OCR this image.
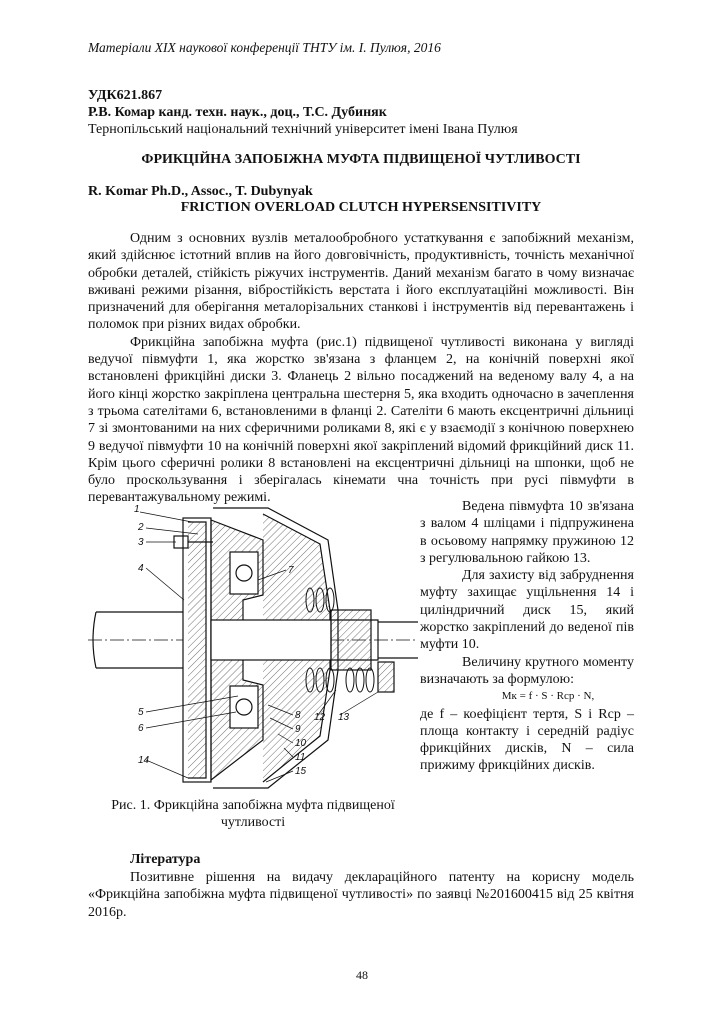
Матеріали XIX наукової конференції ТНТУ ім. І. Пулюя, 2016
УДК621.867
Р.В. Комар канд. техн. наук., доц., Т.С. Дубиняк
Тернопільський національний технічний університет імені Івана Пулюя
ФРИКЦІЙНА ЗАПОБІЖНА МУФТА ПІДВИЩЕНОЇ ЧУТЛИВОСТІ
R. Komar Ph.D., Assoc., T. Dubynyak
FRICTION OVERLOAD CLUTCH HYPERSENSITIVITY

Одним з основних вузлів металообробного устаткування є запобіжний механізм, який здійснює істотний вплив на його довговічність, продуктивність, точність механічної обробки деталей, стійкість ріжучих інструментів. Даний механізм багато в чому визначає вживані режими різання, віброcтійкість верстата і його експлуатаційні можливості. Він призначений для оберігання металорізальних станкові і інструментів від перевантажень і поломок при різних видах обробки.

Фрикційна запобіжна муфта (рис.1) підвищеної чутливості виконана у вигляді ведучої півмуфти 1, яка жорстко зв'язана з фланцем 2, на конічній поверхні якої встановлені фрикційні диски 3. Фланець 2 вільно посаджений на веденому валу 4, а на його кінці жорстко закріплена центральна шестерня 5, яка входить одночасно в зачеплення з трьома сателітами 6, встановленими в фланці 2. Сателіти 6 мають ексцентричні дільниці 7 зі змонтованими на них сферичними роликами 8, які є у взаємодії з конічною поверхнею 9 ведучої півмуфти 10 на конічній поверхні якої закріплений відомий фрикційний диск 11. Крім цього сферичні ролики 8 встановлені на ексцентричні дільниці на шпонки, щоб не було проскользування і зберігалась кінемати чна точність при русі півмуфти в перевантажувальному режимі.

1
2
3
4	7
5
6
8
9
10
11
12 13
14
15

Ведена півмуфта 10 зв'язана з валом 4 шліцами і підпружинена в осьовому напрямку пружиною 12 з регулювальною гайкою 13.

Для захисту від забруднення муфту захищає ущільнення 14 і циліндричний диск 15, який жорстко закріплений до веденої пів муфти 10.

Величину крутного моменту визначають за формулою:

Mк = f · S · Rср · N,

де f – коефіцієнт тертя, S і Rср – площа контакту і середній радіус фрикційних дисків, N – сила прижиму фрикційних дисків.

Рис. 1. Фрикційна запобіжна муфта підвищеної чутливості
Література

Позитивне рішення на видачу деклараційного патенту на корисну модель «Фрикційна запобіжна муфта підвищеної чутливості» по заявці №201600415 від 25 квітня 2016р.

48
